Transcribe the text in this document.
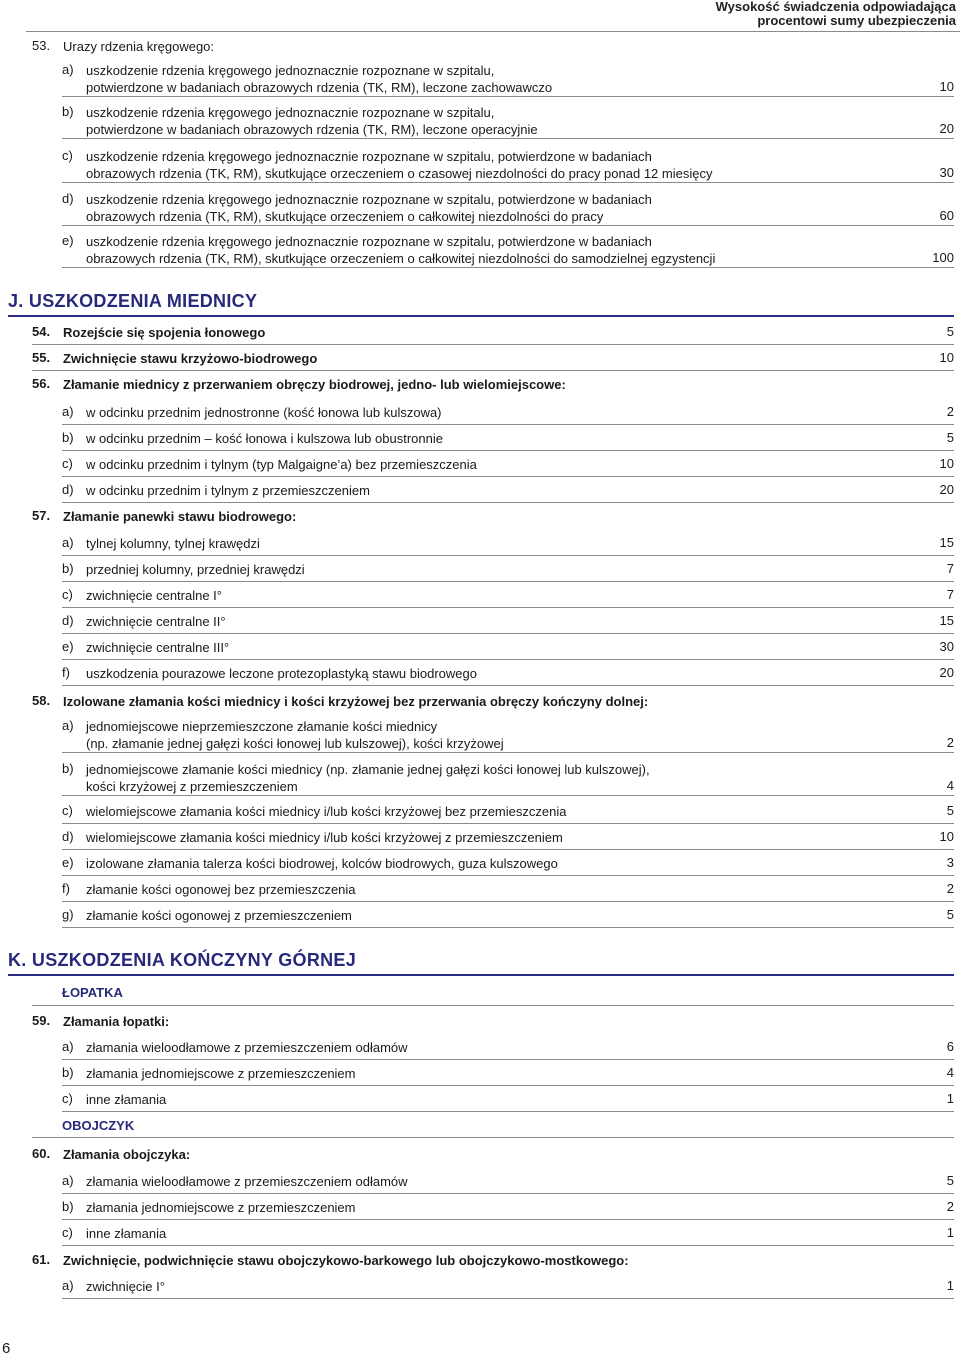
Wysokość świadczenia odpowiadająca
procentowi sumy ubezpieczenia
53. Urazy rdzenia kręgowego:
a) uszkodzenie rdzenia kręgowego jednoznacznie rozpoznane w szpitalu,
potwierdzone w badaniach obrazowych rdzenia (TK, RM), leczone zachowawczo	10
b) uszkodzenie rdzenia kręgowego jednoznacznie rozpoznane w szpitalu,
potwierdzone w badaniach obrazowych rdzenia (TK, RM), leczone operacyjnie	20
c)	uszkodzenie rdzenia kręgowego jednoznacznie rozpoznane w szpitalu, potwierdzone w badaniach
obrazowych rdzenia (TK, RM), skutkujące orzeczeniem o czasowej niezdolności do pracy ponad 12 miesięcy	30
d) uszkodzenie rdzenia kręgowego jednoznacznie rozpoznane w szpitalu, potwierdzone w badaniach
obrazowych rdzenia (TK, RM), skutkujące orzeczeniem o całkowitej niezdolności do pracy	60
e) uszkodzenie rdzenia kręgowego jednoznacznie rozpoznane w szpitalu, potwierdzone w badaniach
obrazowych rdzenia (TK, RM), skutkujące orzeczeniem o całkowitej niezdolności do samodzielnej egzystencji	100
J. USZKODZENIA MIEDNICY
54. Rozejście się spojenia łonowego	5
55. Zwichnięcie stawu krzyżowo-biodrowego	10
56. Złamanie miednicy z przerwaniem obręczy biodrowej, jedno- lub wielomiejscowe:
a) w odcinku przednim jednostronne (kość łonowa lub kulszowa)	2
b) w odcinku przednim – kość łonowa i kulszowa lub obustronnie	5
c)	w odcinku przednim i tylnym (typ Malgaigne’a) bez przemieszczenia	10
d) w odcinku przednim i tylnym z przemieszczeniem	20
57. Złamanie panewki stawu biodrowego:
a) tylnej kolumny, tylnej krawędzi	15
b) przedniej kolumny, przedniej krawędzi	7
c)	zwichnięcie centralne I°	7
d) zwichnięcie centralne II°	15
e) zwichnięcie centralne III°	30
f)	uszkodzenia pourazowe leczone protezoplastyką stawu biodrowego	20
58. Izolowane złamania kości miednicy i kości krzyżowej bez przerwania obręczy kończyny dolnej:
a) jednomiejscowe nieprzemieszczone złamanie kości miednicy
(np. złamanie jednej gałęzi kości łonowej lub kulszowej), kości krzyżowej	2
b) jednomiejscowe złamanie kości miednicy (np. złamanie jednej gałęzi kości łonowej lub kulszowej),
kości krzyżowej z przemieszczeniem	4
c)	wielomiejscowe złamania kości miednicy i/lub kości krzyżowej bez przemieszczenia	5
d) wielomiejscowe złamania kości miednicy i/lub kości krzyżowej z przemieszczeniem	10
e) izolowane złamania talerza kości biodrowej, kolców biodrowych, guza kulszowego	3
f)	złamanie kości ogonowej bez przemieszczenia	2
g) złamanie kości ogonowej z przemieszczeniem	5
K. USZKODZENIA KOŃCZYNY GÓRNEJ
ŁOPATKA
59. Złamania łopatki:
a) złamania wieloodłamowe z przemieszczeniem odłamów	6
b) złamania jednomiejscowe z przemieszczeniem	4
c)	inne złamania	1
OBOJCZYK
60. Złamania obojczyka:
a) złamania wieloodłamowe z przemieszczeniem odłamów	5
b) złamania jednomiejscowe z przemieszczeniem	2
c)	inne złamania	1
61. Zwichnięcie, podwichnięcie stawu obojczykowo-barkowego lub obojczykowo-mostkowego:
a) zwichnięcie I°	1
6
